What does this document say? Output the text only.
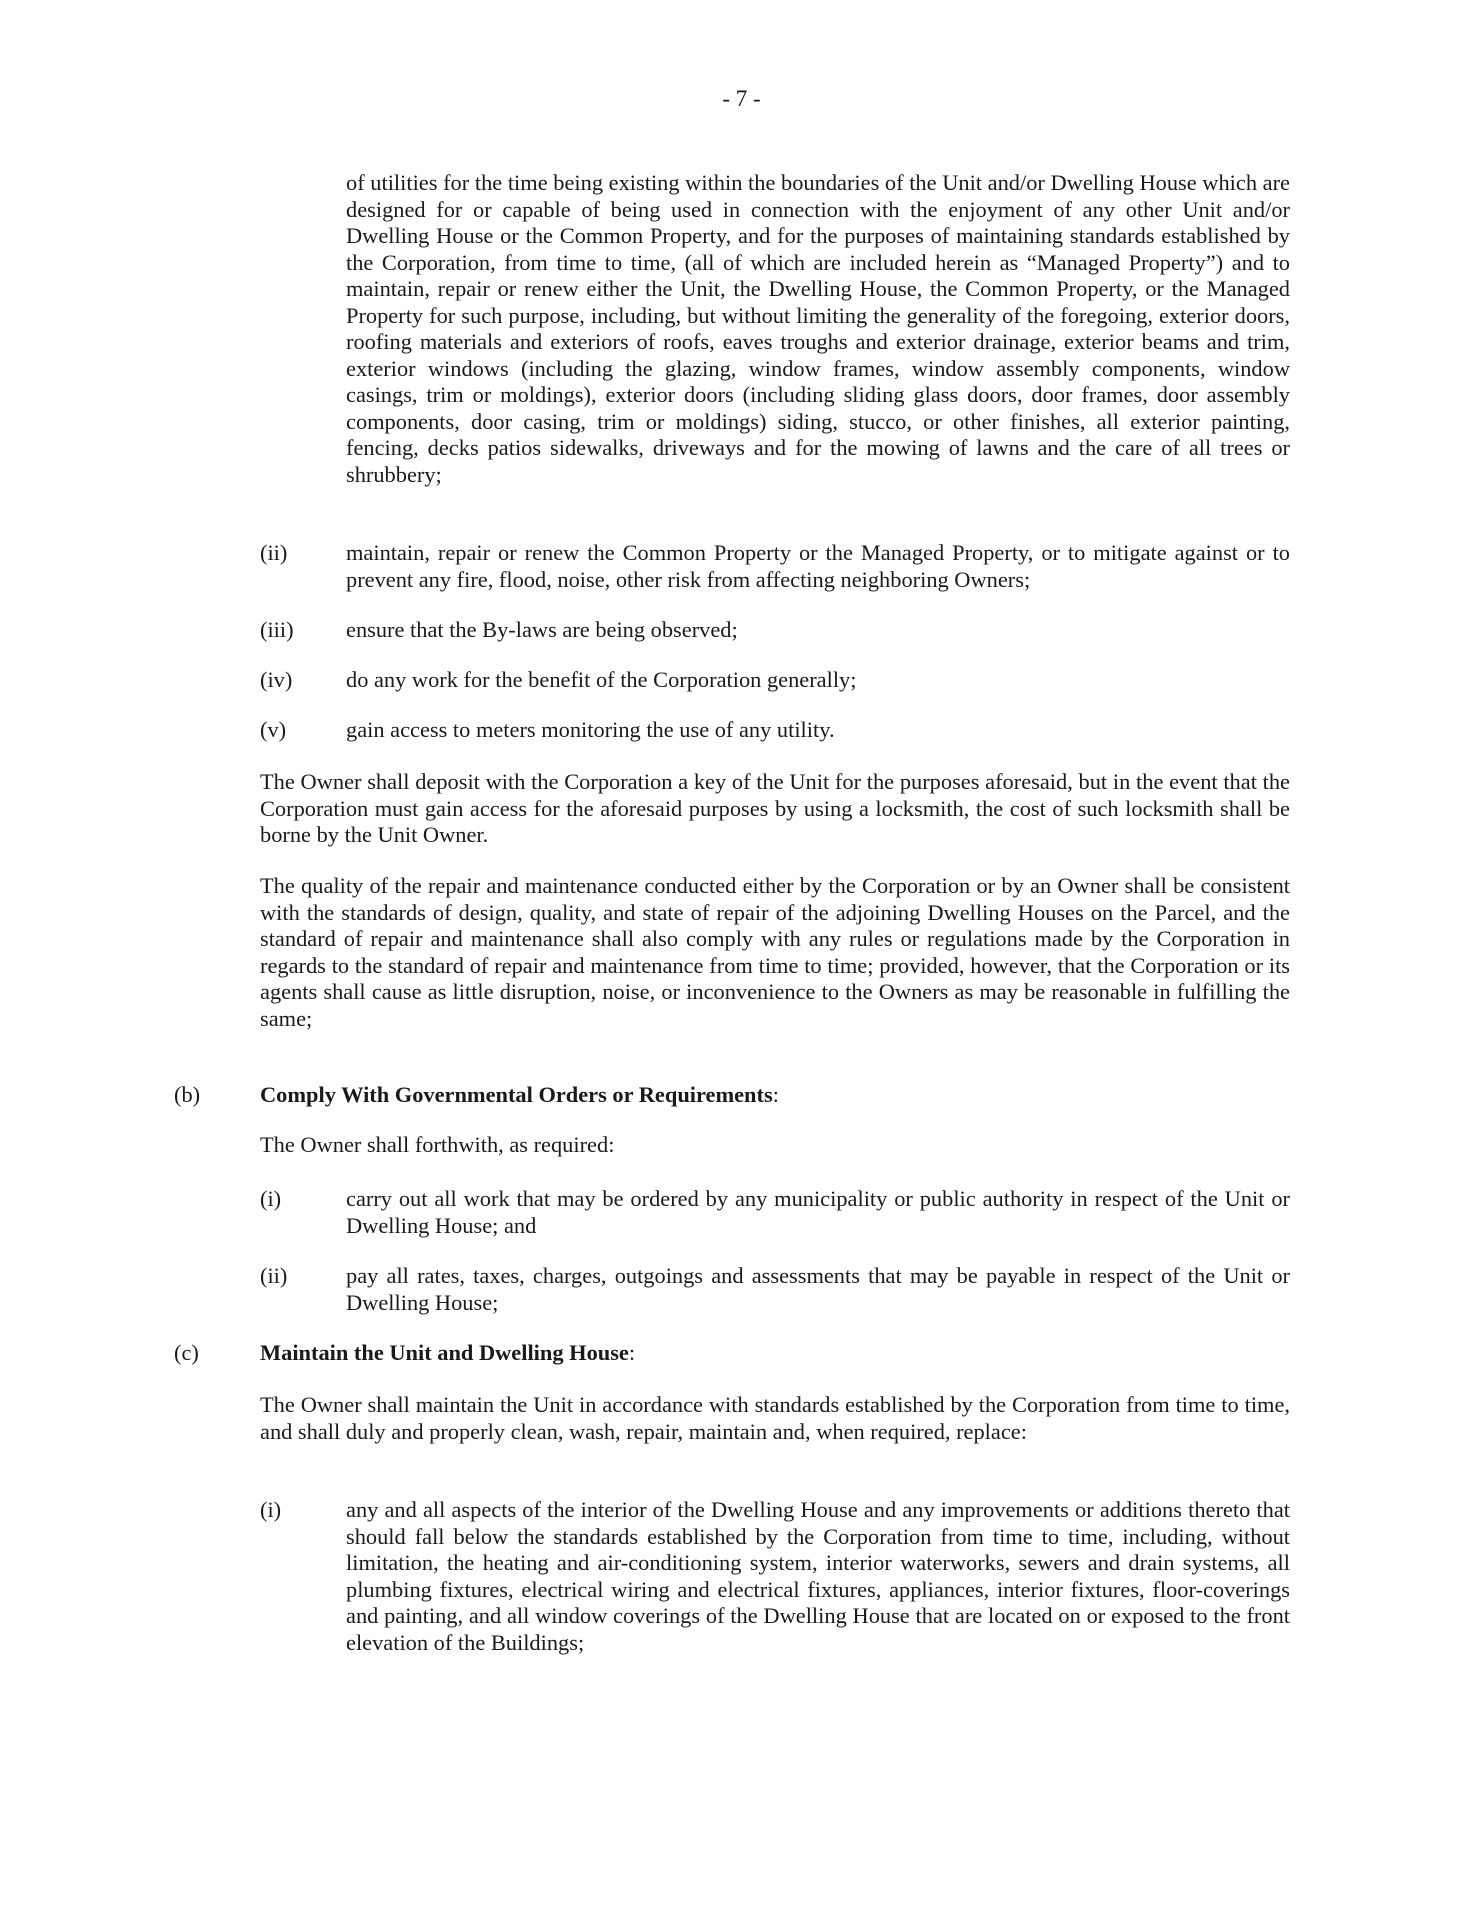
- 7 -

of utilities for the time being existing within the boundaries of the Unit and/or Dwelling House which are designed for or capable of being used in connection with the enjoyment of any other Unit and/or Dwelling House or the Common Property, and for the purposes of maintaining standards established by the Corporation, from time to time, (all of which are included herein as “Managed Property”) and to maintain, repair or renew either the Unit, the Dwelling House, the Common Property, or the Managed Property for such purpose, including, but without limiting the generality of the foregoing, exterior doors, roofing materials and exteriors of roofs, eaves troughs and exterior drainage, exterior beams and trim, exterior windows (including the glazing, window frames, window assembly components, window casings, trim or moldings), exterior doors (including sliding glass doors, door frames, door assembly components, door casing, trim or moldings) siding, stucco, or other finishes, all exterior painting, fencing, decks patios sidewalks, driveways and for the mowing of lawns and the care of all trees or shrubbery;

(ii)	maintain, repair or renew the Common Property or the Managed Property, or to mitigate against or to prevent any fire, flood, noise, other risk from affecting neighboring Owners;

(iii) ensure that the By-laws are being observed;

(iv) do any work for the benefit of the Corporation generally;

(v)	gain access to meters monitoring the use of any utility.

The Owner shall deposit with the Corporation a key of the Unit for the purposes aforesaid, but in the event that the Corporation must gain access for the aforesaid purposes by using a locksmith, the cost of such locksmith shall be borne by the Unit Owner.

The quality of the repair and maintenance conducted either by the Corporation or by an Owner shall be consistent with the standards of design, quality, and state of repair of the adjoining Dwelling Houses on the Parcel, and the standard of repair and maintenance shall also comply with any rules or regulations made by the Corporation in regards to the standard of repair and maintenance from time to time; provided, however, that the Corporation or its agents shall cause as little disruption, noise, or inconvenience to the Owners as may be reasonable in fulfilling the same;

(b)	Comply With Governmental Orders or Requirements:

The Owner shall forthwith, as required:

(i)	carry out all work that may be ordered by any municipality or public authority in respect of the Unit or Dwelling House; and

(ii)	pay all rates, taxes, charges, outgoings and assessments that may be payable in respect of the Unit or Dwelling House;

(c)	Maintain the Unit and Dwelling House:

The Owner shall maintain the Unit in accordance with standards established by the Corporation from time to time, and shall duly and properly clean, wash, repair, maintain and, when required, replace:

(i)	any and all aspects of the interior of the Dwelling House and any improvements or additions thereto that should fall below the standards established by the Corporation from time to time, including, without limitation, the heating and air-conditioning system, interior waterworks, sewers and drain systems, all plumbing fixtures, electrical wiring and electrical fixtures, appliances, interior fixtures, floor-coverings and painting, and all window coverings of the Dwelling House that are located on or exposed to the front elevation of the Buildings;
